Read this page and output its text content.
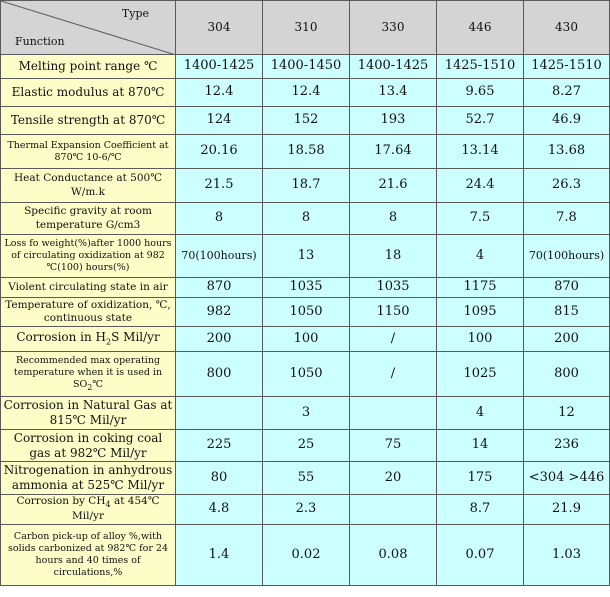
Type
Function	304	310	330	446	430
Melting point range ℃	1400-1425	1400-1450	1400-1425	1425-1510	1425-1510
Elastic modulus at 870℃	12.4	12.4	13.4	9.65	8.27
Tensile strength at 870℃	124	152	193	52.7	46.9
Thermal Expansion Coefficient at 870℃ 10-6/℃	20.16	18.58	17.64	13.14	13.68
Heat Conductance at 500℃ W/m.k	21.5	18.7	21.6	24.4	26.3
Specific gravity at room temperature G/cm3	8	8	8	7.5	7.8
Loss fo weight(%)after 1000 hours of circulating oxidization at 982 ℃(100) hours(%)	70(100hours)	13	18	4	70(100hours)
Violent circulating state in air	870	1035	1035	1175	870
Temperature of oxidization, ℃, continuous state	982	1050	1150	1095	815
Corrosion in $H_2S$ Mil/yr	200	100	/	100	200
Recommended max operating temperature when it is used in $SO_2℃$	800	1050	/	1025	800
Corrosion in Natural Gas at 815℃ Mil/yr		3		4	12
Corrosion in coking coal gas at 982℃ Mil/yr	225	25	75	14	236
Nitrogenation in anhydrous ammonia at 525℃ Mil/yr	80	55	20	175	<304 >446
Corrosion by $CH_4$ at 454℃ Mil/yr	4.8	2.3		8.7	21.9
Carbon pick-up of alloy %,with solids carbonized at 982℃ for 24 hours and 40 times of circulations,%	1.4	0.02	0.08	0.07	1.03
